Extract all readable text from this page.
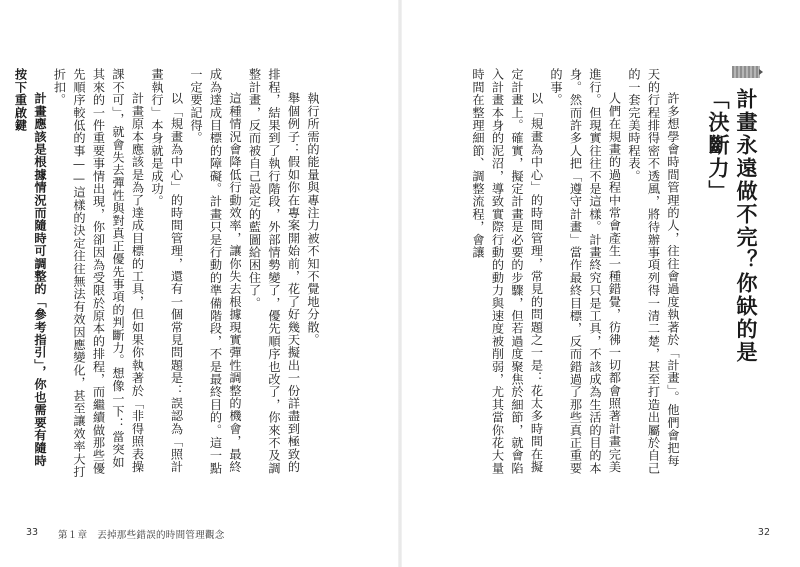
執行所需的能量與專注力被不知不覺地分散。

舉個例子：假如你在專案開始前，花了好幾天擬出一份詳盡到極致的排程，結果到了執行階段，外部情勢變了，優先順序也改了，你來不及調整計畫，反而被自己設定的藍圖給困住了。

這種情況會降低行動效率，讓你失去根據現實彈性調整的機會，最終成為達成目標的障礙。計畫只是行動的準備階段，不是最終目的。這一點一定要記得。

以「規畫為中心」的時間管理，還有一個常見問題是：誤認為「照計畫執行」本身就是成功。

計畫原本應該是為了達成目標的工具，但如果你執著於「非得照表操課不可」，就會失去彈性與對真正優先事項的判斷力。想像一下：當突如其來的一件重要事情出現，你卻因為受限於原本的排程，而繼續做那些優先順序較低的事——這樣的決定往往無法有效因應變化，甚至讓效率大打折扣。

計畫應該是根據情況而隨時可調整的「參考指引」，你也需要有隨時按下重啟鍵

33 第１章　丟掉那些錯誤的時間管理觀念
計畫永遠做不完？你缺的是「決斷力」

許多想學會時間管理的人，往往會過度執著於「計畫」。他們會把每天的行程排得密不透風，將待辦事項列得一清二楚，甚至打造出屬於自己的一套完美時程表。

人們在規畫的過程中常會產生一種錯覺，彷彿一切都會照著計畫完美進行。但現實往往不是這樣。計畫終究只是工具，不該成為生活的目的本身。然而許多人把「遵守計畫」當作最終目標，反而錯過了那些真正重要的事。

以「規畫為中心」的時間管理，常見的問題之一是：花太多時間在擬定計畫上。確實，擬定計畫是必要的步驟，但若過度聚焦於細節，就會陷入計畫本身的泥沼，導致實際行動的動力與速度被削弱，尤其當你花大量時間在整理細節、調整流程，會讓

32
